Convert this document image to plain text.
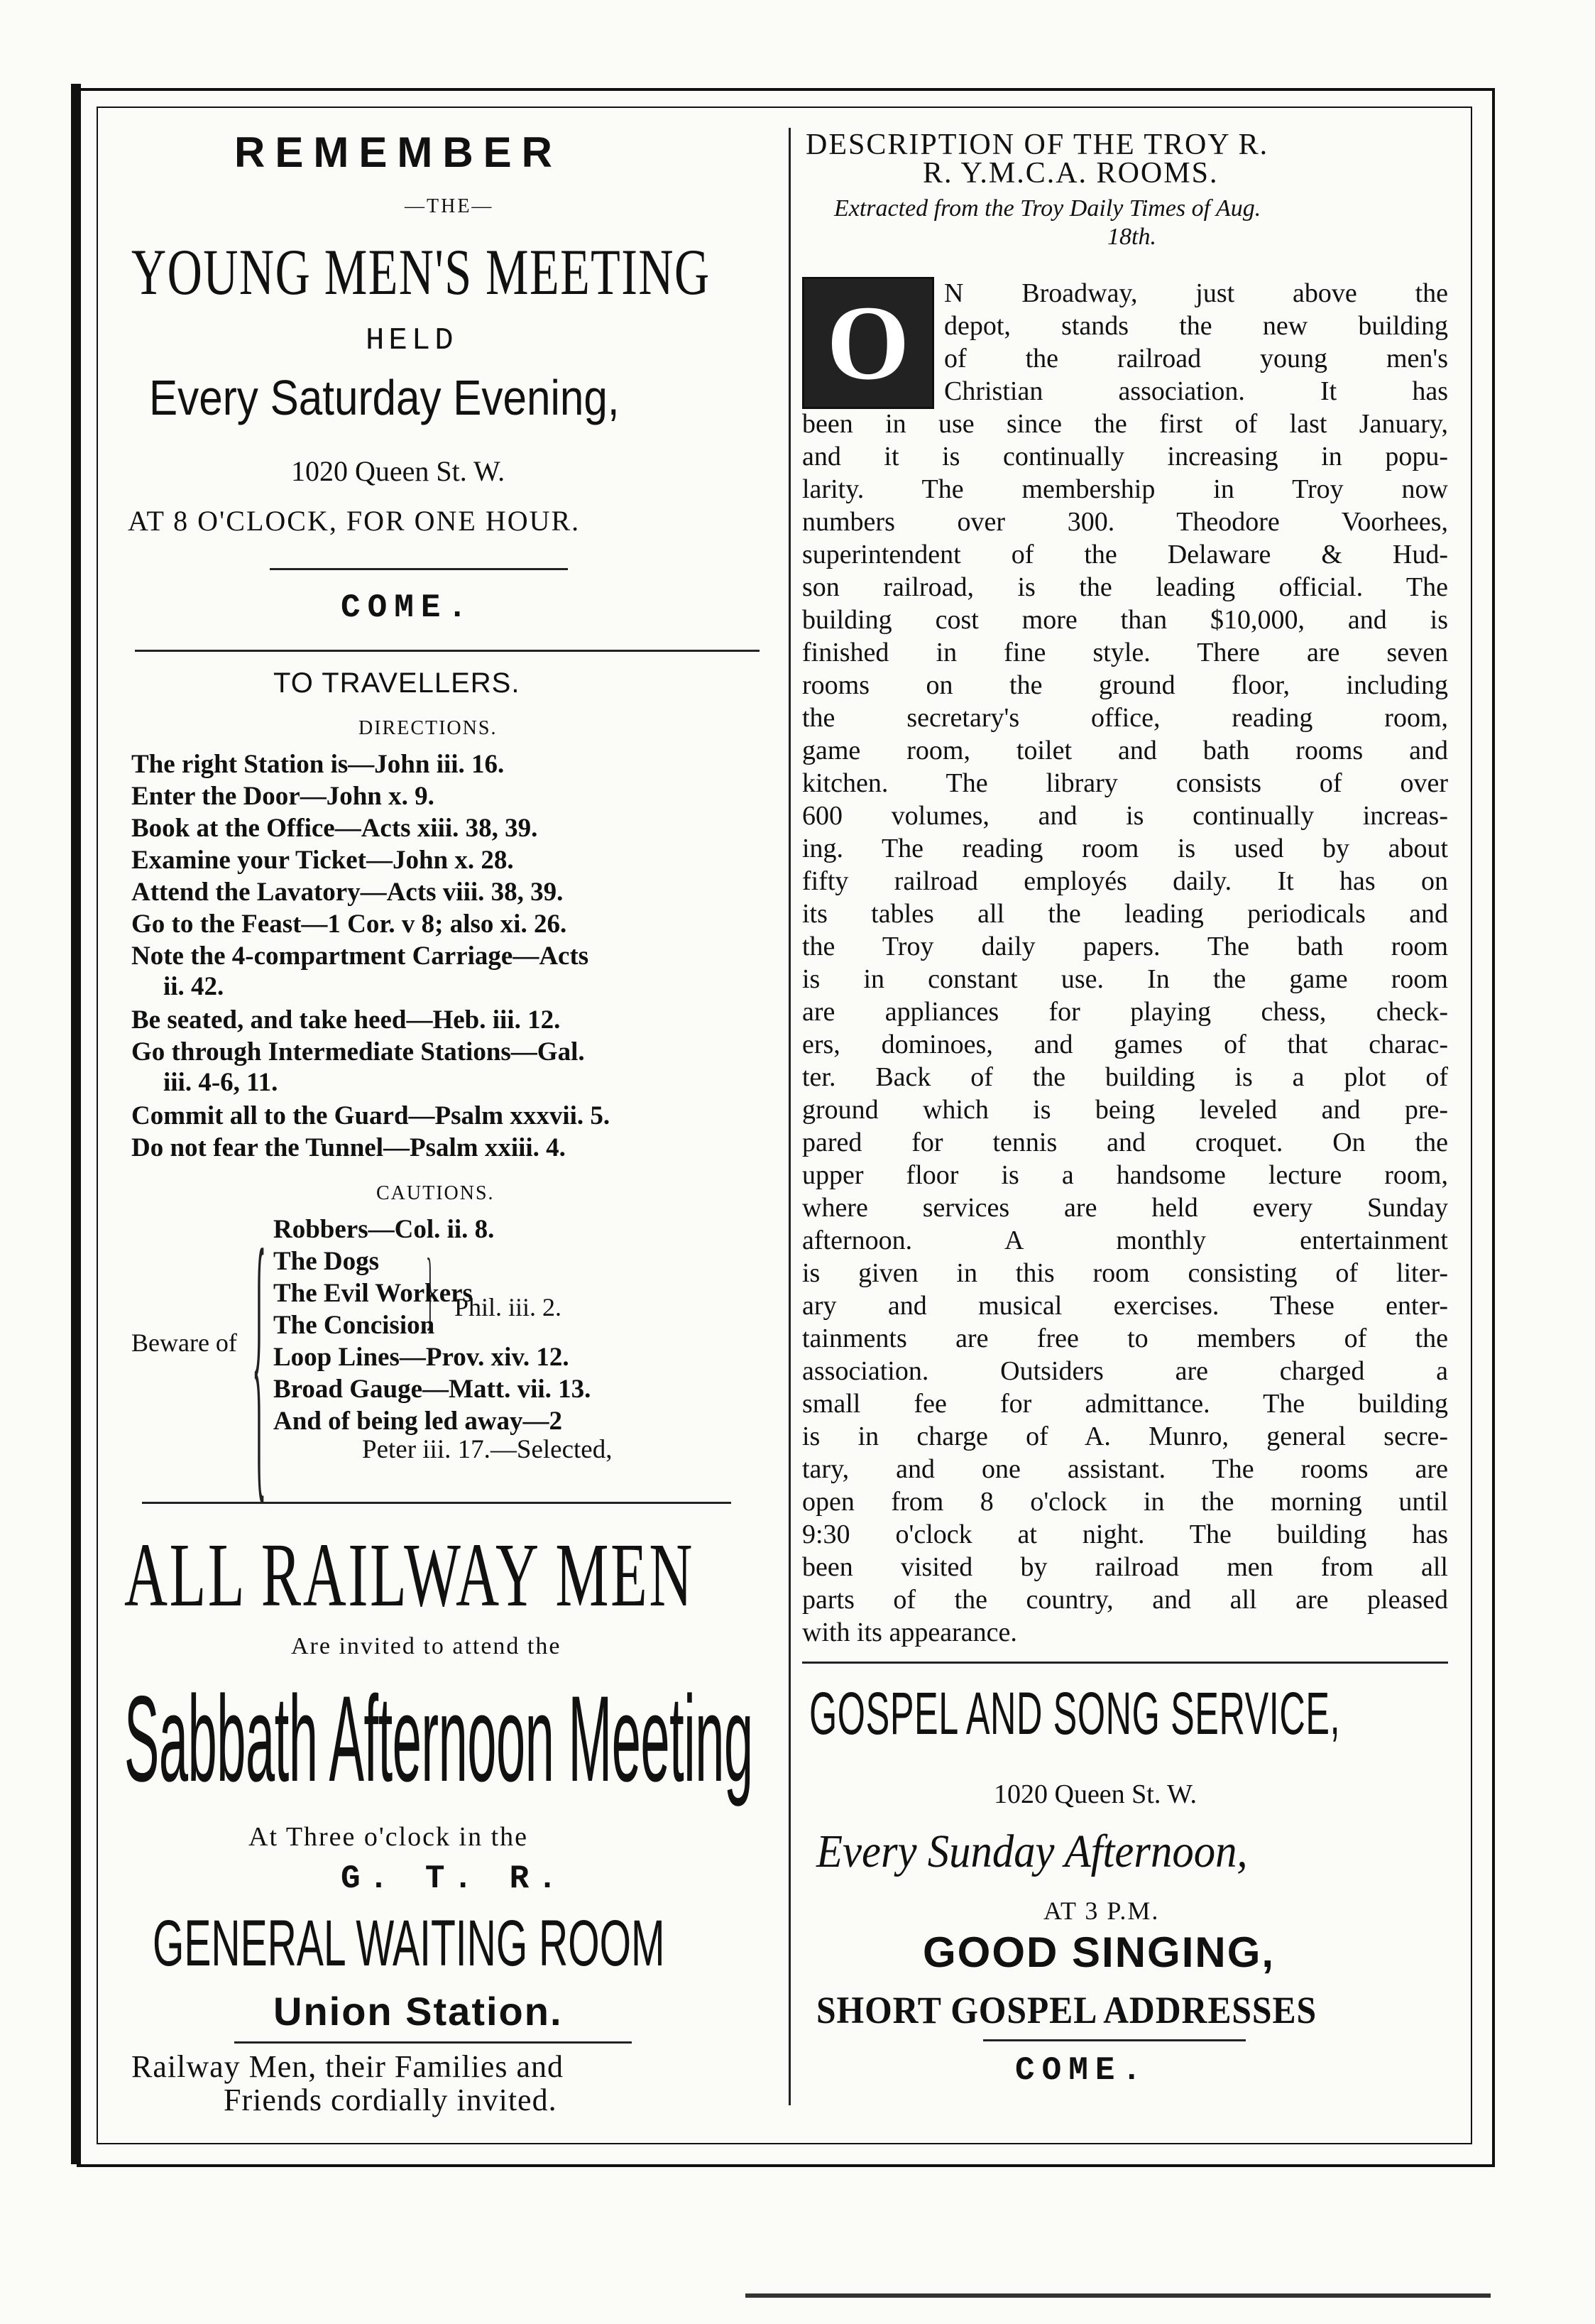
REMEMBER
—THE—
YOUNG MEN'S MEETING
HELD
Every Saturday Evening,
1020 Queen St. W.
AT 8 O'CLOCK, FOR ONE HOUR.
COME.
TO TRAVELLERS.
DIRECTIONS.
The right Station is—John iii. 16.
Enter the Door—John x. 9.
Book at the Office—Acts xiii. 38, 39.
Examine your Ticket—John x. 28.
Attend the Lavatory—Acts viii. 38, 39.
Go to the Feast—1 Cor. v 8; also xi. 26.
Note the 4-compartment Carriage—Acts
ii. 42.
Be seated, and take heed—Heb. iii. 12.
Go through Intermediate Stations—Gal.
iii. 4-6, 11.
Commit all to the Guard—Psalm xxxvii. 5.
Do not fear the Tunnel—Psalm xxiii. 4.
CAUTIONS.
Beware of {	} Phil. iii. 2.
Robbers—Col. ii. 8.
The Dogs
The Evil Workers
The Concision
Loop Lines—Prov. xiv. 12.
Broad Gauge—Matt. vii. 13.
And of being led away—2
Peter iii. 17.—Selected,
ALL RAILWAY MEN
Are invited to attend the
Sabbath Afternoon Meeting
At Three o'clock in the
G. T. R.
GENERAL WAITING ROOM
Union Station.
Railway Men, their Families and
Friends cordially invited.
DESCRIPTION OF THE TROY R.
R. Y.M.C.A. ROOMS.
Extracted from the Troy Daily Times of Aug.
18th.
O	N Broadway, just above the
depot, stands the new building
of the railroad young men's
Christian association. It has
been in use since the first of last January,
and it is continually increasing in popu-
larity. The membership in Troy now
numbers over 300. Theodore Voorhees,
superintendent of the Delaware & Hud-
son railroad, is the leading official. The
building cost more than $10,000, and is
finished in fine style. There are seven
rooms on the ground floor, including
the secretary's office, reading room,
game room, toilet and bath rooms and
kitchen. The library consists of over
600 volumes, and is continually increas-
ing. The reading room is used by about
fifty railroad employés daily. It has on
its tables all the leading periodicals and
the Troy daily papers. The bath room
is in constant use. In the game room
are appliances for playing chess, check-
ers, dominoes, and games of that charac-
ter. Back of the building is a plot of
ground which is being leveled and pre-
pared for tennis and croquet. On the
upper floor is a handsome lecture room,
where services are held every Sunday
afternoon. A monthly entertainment
is given in this room consisting of liter-
ary and musical exercises. These enter-
tainments are free to members of the
association. Outsiders are charged a
small fee for admittance. The building
is in charge of A. Munro, general secre-
tary, and one assistant. The rooms are
open from 8 o'clock in the morning until
9:30 o'clock at night. The building has
been visited by railroad men from all
parts of the country, and all are pleased
with its appearance.
GOSPEL AND SONG SERVICE,
1020 Queen St. W.
Every Sunday Afternoon,
AT 3 P.M.
GOOD SINGING,
SHORT GOSPEL ADDRESSES
COME.
